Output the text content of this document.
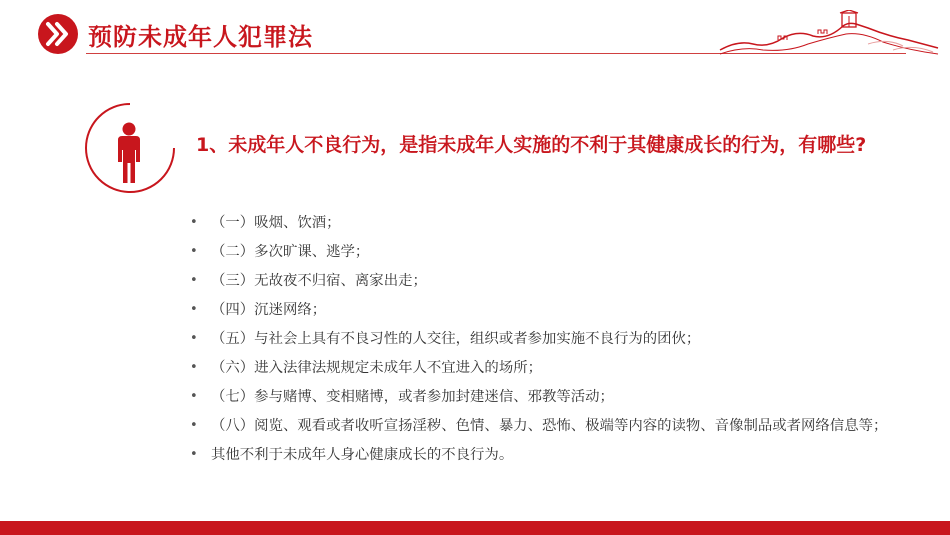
预防未成年人犯罪法
1、未成年人不良行为，是指未成年人实施的不利于其健康成长的行为，有哪些?
• （一）吸烟、饮酒；
• （二）多次旷课、逃学；
• （三）无故夜不归宿、离家出走；
• （四）沉迷网络；
• （五）与社会上具有不良习性的人交往，组织或者参加实施不良行为的团伙；
• （六）进入法律法规规定未成年人不宜进入的场所；
• （七）参与赌博、变相赌博，或者参加封建迷信、邪教等活动；
• （八）阅览、观看或者收听宣扬淫秽、色情、暴力、恐怖、极端等内容的读物、音像制品或者网络信息等；
• 其他不利于未成年人身心健康成长的不良行为。
